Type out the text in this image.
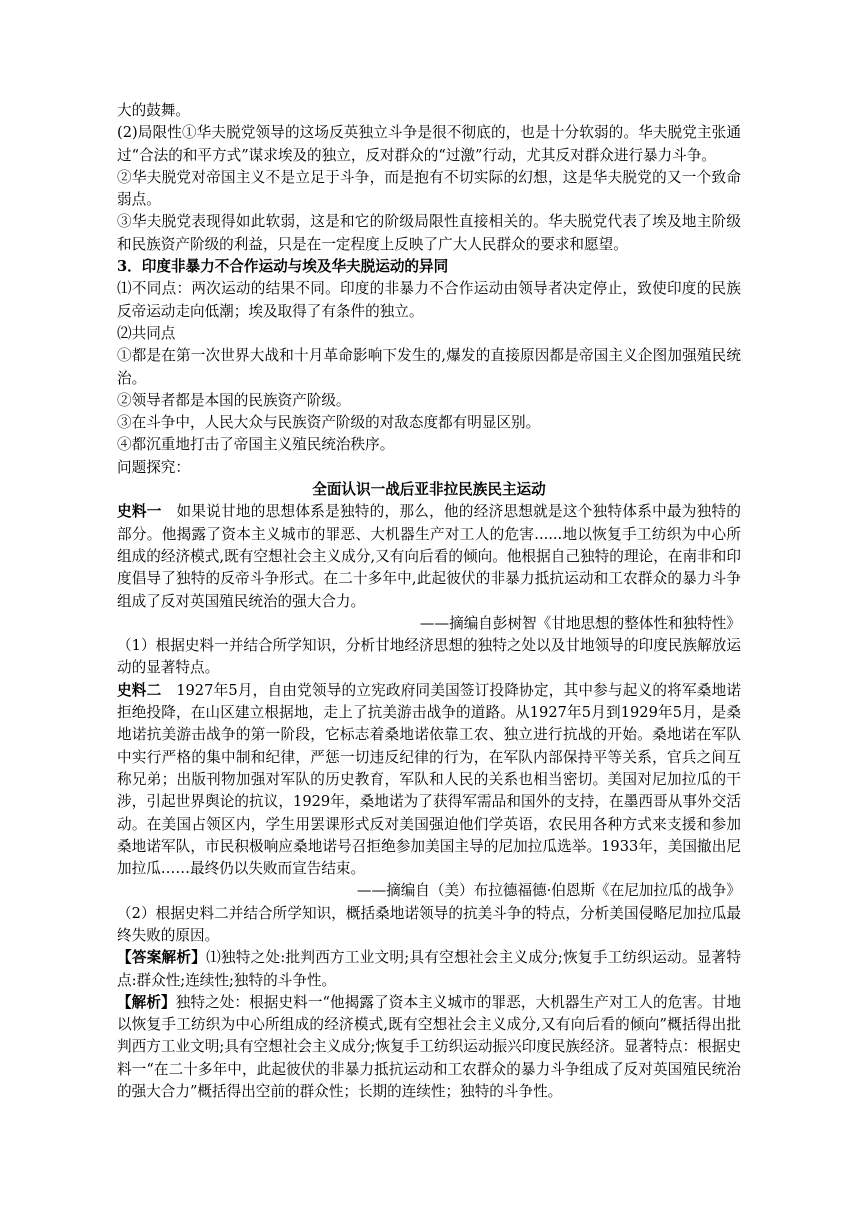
大的鼓舞。

(2)局限性①华夫脱党领导的这场反英独立斗争是很不彻底的，也是十分软弱的。华夫脱党主张通过“合法的和平方式”谋求埃及的独立，反对群众的“过激”行动，尤其反对群众进行暴力斗争。

②华夫脱党对帝国主义不是立足于斗争，而是抱有不切实际的幻想，这是华夫脱党的又一个致命弱点。

③华夫脱党表现得如此软弱，这是和它的阶级局限性直接相关的。华夫脱党代表了埃及地主阶级和民族资产阶级的利益，只是在一定程度上反映了广大人民群众的要求和愿望。

3．印度非暴力不合作运动与埃及华夫脱运动的异同

⑴不同点：两次运动的结果不同。印度的非暴力不合作运动由领导者决定停止，致使印度的民族反帝运动走向低潮；埃及取得了有条件的独立。

⑵共同点

①都是在第一次世界大战和十月革命影响下发生的,爆发的直接原因都是帝国主义企图加强殖民统治。

②领导者都是本国的民族资产阶级。

③在斗争中，人民大众与民族资产阶级的对敌态度都有明显区别。

④都沉重地打击了帝国主义殖民统治秩序。

问题探究：

全面认识一战后亚非拉民族民主运动

史料一　如果说甘地的思想体系是独特的，那么，他的经济思想就是这个独特体系中最为独特的部分。他揭露了资本主义城市的罪恶、大机器生产对工人的危害......地以恢复手工纺织为中心所组成的经济模式,既有空想社会主义成分,又有向后看的倾向。他根据自己独特的理论，在南非和印度倡导了独特的反帝斗争形式。在二十多年中,此起彼伏的非暴力抵抗运动和工农群众的暴力斗争组成了反对英国殖民统治的强大合力。

——摘编自彭树智《甘地思想的整体性和独特性》

（1）根据史料一并结合所学知识，分析甘地经济思想的独特之处以及甘地领导的印度民族解放运动的显著特点。

史料二　1927年5月，自由党领导的立宪政府同美国签订投降协定，其中参与起义的将军桑地诺拒绝投降，在山区建立根据地，走上了抗美游击战争的道路。从1927年5月到1929年5月，是桑地诺抗美游击战争的第一阶段，它标志着桑地诺依靠工农、独立进行抗战的开始。桑地诺在军队中实行严格的集中制和纪律，严惩一切违反纪律的行为，在军队内部保持平等关系，官兵之间互称兄弟；出版刊物加强对军队的历史教育，军队和人民的关系也相当密切。美国对尼加拉瓜的干涉，引起世界舆论的抗议，1929年，桑地诺为了获得军需品和国外的支持，在墨西哥从事外交活动。在美国占领区内，学生用罢课形式反对美国强迫他们学英语，农民用各种方式来支援和参加桑地诺军队，市民积极响应桑地诺号召拒绝参加美国主导的尼加拉瓜选举。1933年，美国撤出尼加拉瓜……最终仍以失败而宣告结束。

——摘编自（美）布拉德福德·伯恩斯《在尼加拉瓜的战争》

（2）根据史料二并结合所学知识，概括桑地诺领导的抗美斗争的特点，分析美国侵略尼加拉瓜最终失败的原因。

【答案解析】⑴独特之处:批判西方工业文明;具有空想社会主义成分;恢复手工纺织运动。显著特点:群众性;连续性;独特的斗争性。

【解析】独特之处：根据史料一“他揭露了资本主义城市的罪恶，大机器生产对工人的危害。甘地以恢复手工纺织为中心所组成的经济模式,既有空想社会主义成分,又有向后看的倾向”概括得出批判西方工业文明;具有空想社会主义成分;恢复手工纺织运动振兴印度民族经济。显著特点：根据史料一“在二十多年中，此起彼伏的非暴力抵抗运动和工农群众的暴力斗争组成了反对英国殖民统治的强大合力”概括得出空前的群众性；长期的连续性；独特的斗争性。
